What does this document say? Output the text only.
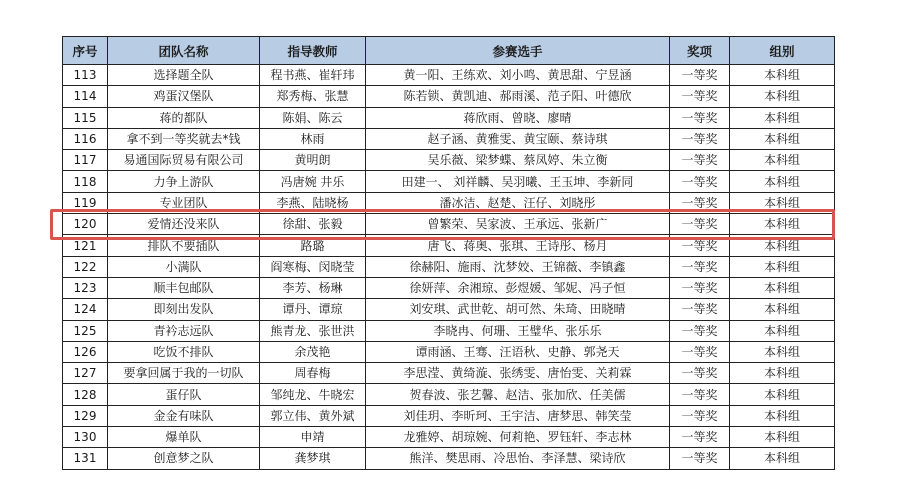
序号	团队名称	指导教师	参赛选手	奖项	组别
113	选择题全队	程书燕、崔轩玮	黄一阳、王练欢、刘小鸣、黄思甜、宁昱涵	一等奖	本科组
114	鸡蛋汉堡队	郑秀梅、张慧	陈若锁、黄凯迪、郝雨溪、范子阳、叶德欣	一等奖	本科组
115	蒋的都队	陈娟、陈云	蒋欣雨、曾晓、廖晴	一等奖	本科组
116	拿不到一等奖就去*钱	林雨	赵子涵、黄雅雯、黄宝颐、蔡诗琪	一等奖	本科组
117	易通国际贸易有限公司	黄明朗	吴乐薇、梁梦蝶、蔡凤婷、朱立衡	一等奖	本科组
118	力争上游队	冯唐婉 井乐	田建一、 刘祥麟、吴羽曦、王玉坤、李新同	一等奖	本科组
119	专业团队	李燕、陆晓杨	潘冰洁、赵楚、汪仔、刘晓彤	一等奖	本科组
120	爱情还没来队	徐甜、张毅	曾繁荣、吴家波、王承远、张新广	一等奖	本科组
121	排队不要插队	路璐	唐飞、蒋奥、张琪、王诗彤、杨月	一等奖	本科组
122	小满队	阎寒梅、闵晓莹	徐赫阳、施雨、沈梦姣、王锦薇、李镇鑫	一等奖	本科组
123	顺丰包邮队	李芳、杨琳	徐妍萍、余湘琼、彭煜媛、邹妮、冯子恒	一等奖	本科组
124	即刻出发队	谭丹、谭琼	刘安琪、武世乾、胡可然、朱琦、田晓晴	一等奖	本科组
125	青衿志远队	熊青龙、张世洪	李晓冉、何珊、王璧华、张乐乐	一等奖	本科组
126	吃饭不排队	余茂艳	谭雨涵、王骞、汪语秋、史静、郭尧天	一等奖	本科组
127	要拿回属于我的一切队	周春梅	李思滢、黄绮漩、张绣雯、唐怡雯、关莉霖	一等奖	本科组
128	蛋仔队	邹纯龙、牛晓宏	贺春波、张艺馨、赵洁、张加欣、任美儒	一等奖	本科组
129	金金有味队	郭立伟、黄外斌	刘佳玥、李昕珂、王宇洁、唐梦思、韩笑莹	一等奖	本科组
130	爆单队	申靖	龙雅婷、胡琼婉、何莉艳、罗钰轩、李志林	一等奖	本科组
131	创意梦之队	龚梦琪	熊洋、樊思雨、冷思怡、李泽慧、梁诗欣	一等奖	本科组
